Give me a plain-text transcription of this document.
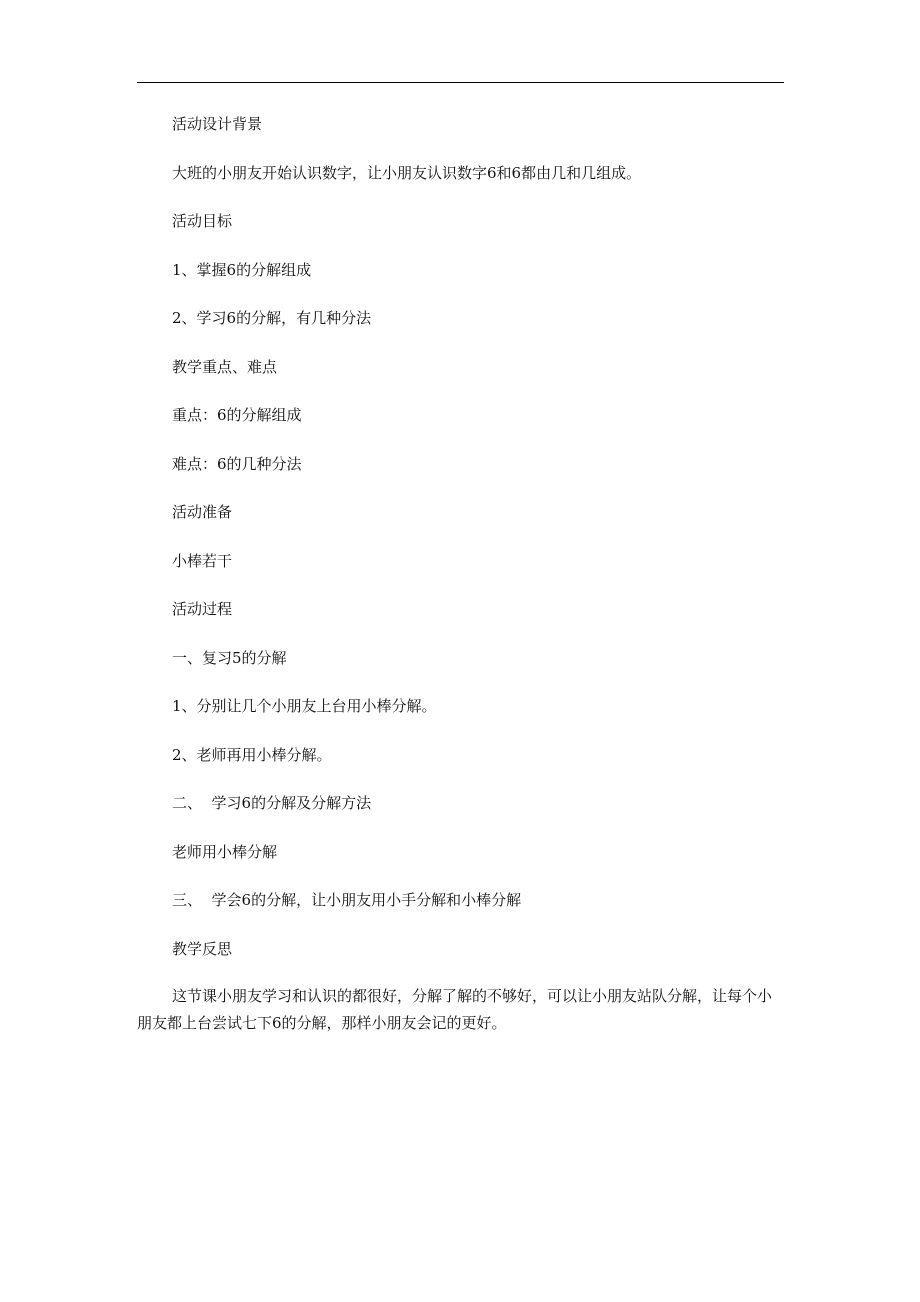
活动设计背景

大班的小朋友开始认识数字，让小朋友认识数字6和6都由几和几组成。

活动目标

1、掌握6的分解组成

2、学习6的分解，有几种分法

教学重点、难点

重点：6的分解组成

难点：6的几种分法

活动准备

小棒若干

活动过程

一、复习5的分解

1、分别让几个小朋友上台用小棒分解。

2、老师再用小棒分解。

二、  学习6的分解及分解方法

老师用小棒分解

三、  学会6的分解，让小朋友用小手分解和小棒分解

教学反思

这节课小朋友学习和认识的都很好，分解了解的不够好，可以让小朋友站队分解，让每个小朋友都上台尝试七下6的分解，那样小朋友会记的更好。
